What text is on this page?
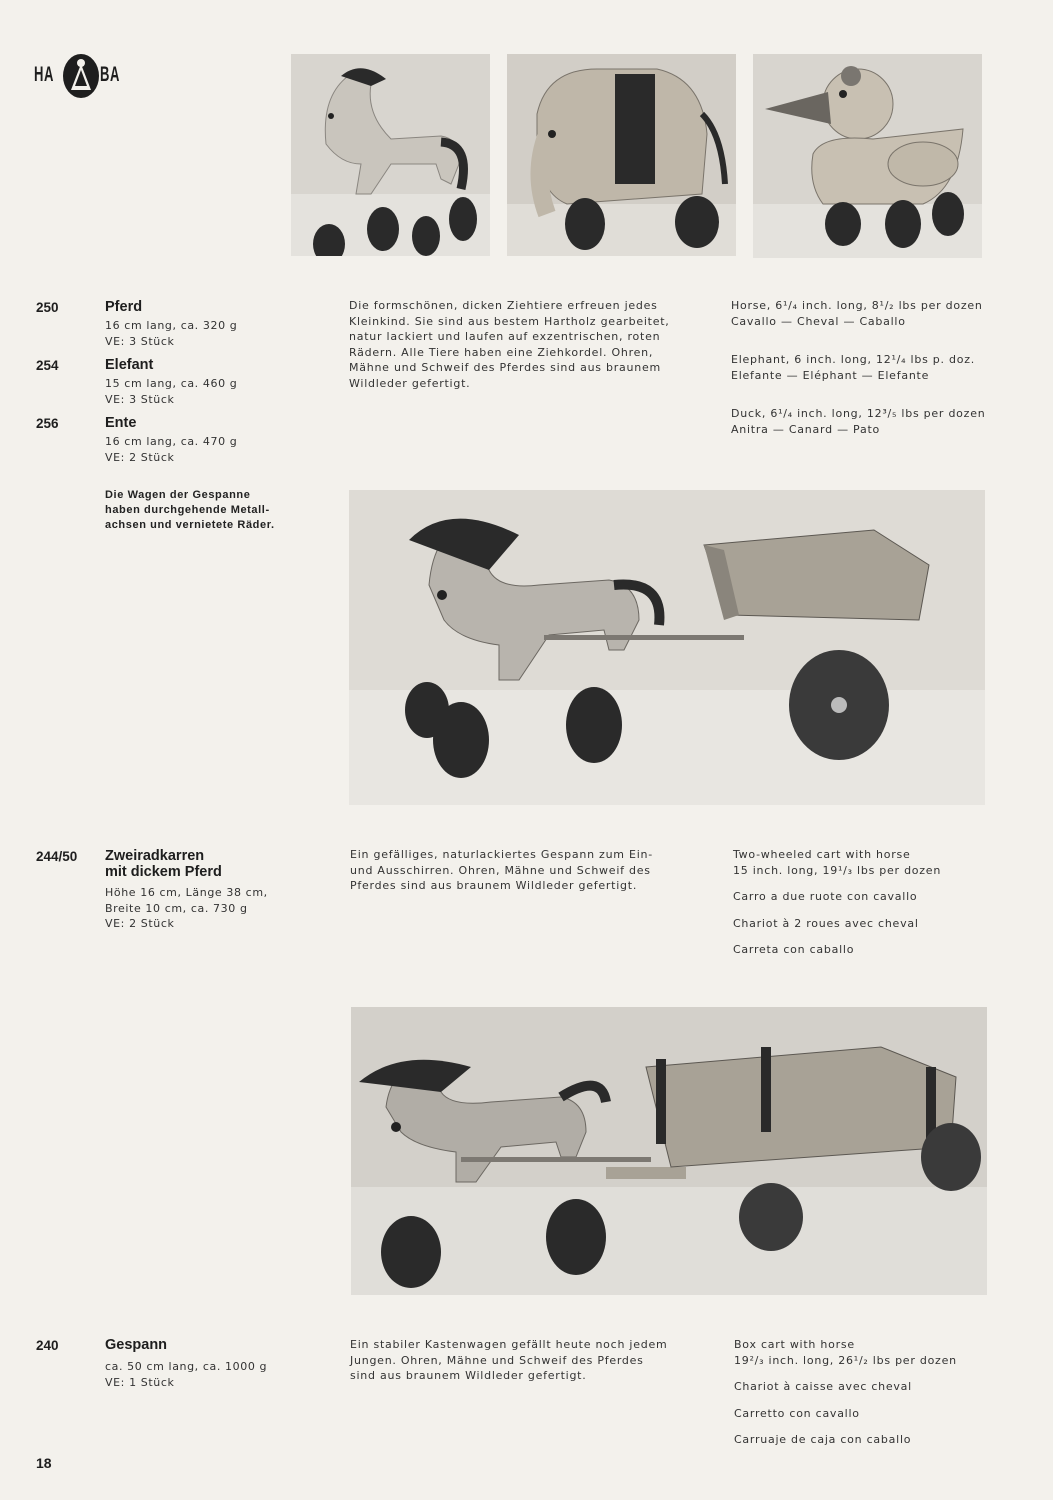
HA BA
250	Pferd
16 cm lang, ca. 320 g
VE: 3 Stück
254	Elefant
15 cm lang, ca. 460 g
VE: 3 Stück
256	Ente
16 cm lang, ca. 470 g
VE: 2 Stück
Die formschönen, dicken Ziehtiere erfreuen jedes
Kleinkind. Sie sind aus bestem Hartholz gearbeitet,
natur lackiert und laufen auf exzentrischen, roten
Rädern. Alle Tiere haben eine Ziehkordel. Ohren,
Mähne und Schweif des Pferdes sind aus braunem
Wildleder gefertigt.
Horse, 6¹/₄ inch. long, 8¹/₂ lbs per dozen
Cavallo — Cheval — Caballo
Elephant, 6 inch. long, 12¹/₄ lbs p. doz.
Elefante — Eléphant — Elefante
Duck, 6¹/₄ inch. long, 12³/₅ lbs per dozen
Anitra — Canard — Pato
Die Wagen der Gespanne
haben durchgehende Metall-
achsen und vernietete Räder.
244/50 Zweiradkarren
mit dickem Pferd
Höhe 16 cm, Länge 38 cm,
Breite 10 cm, ca. 730 g
VE: 2 Stück
Ein gefälliges, naturlackiertes Gespann zum Ein-
und Ausschirren. Ohren, Mähne und Schweif des
Pferdes sind aus braunem Wildleder gefertigt.
Two-wheeled cart with horse
15 inch. long, 19¹/₃ lbs per dozen
Carro a due ruote con cavallo
Chariot à 2 roues avec cheval
Carreta con caballo
240	Gespann
ca. 50 cm lang, ca. 1000 g
VE: 1 Stück
Ein stabiler Kastenwagen gefällt heute noch jedem
Jungen. Ohren, Mähne und Schweif des Pferdes
sind aus braunem Wildleder gefertigt.
Box cart with horse
19²/₃ inch. long, 26¹/₂ lbs per dozen
Chariot à caisse avec cheval
Carretto con cavallo
Carruaje de caja con caballo
18
